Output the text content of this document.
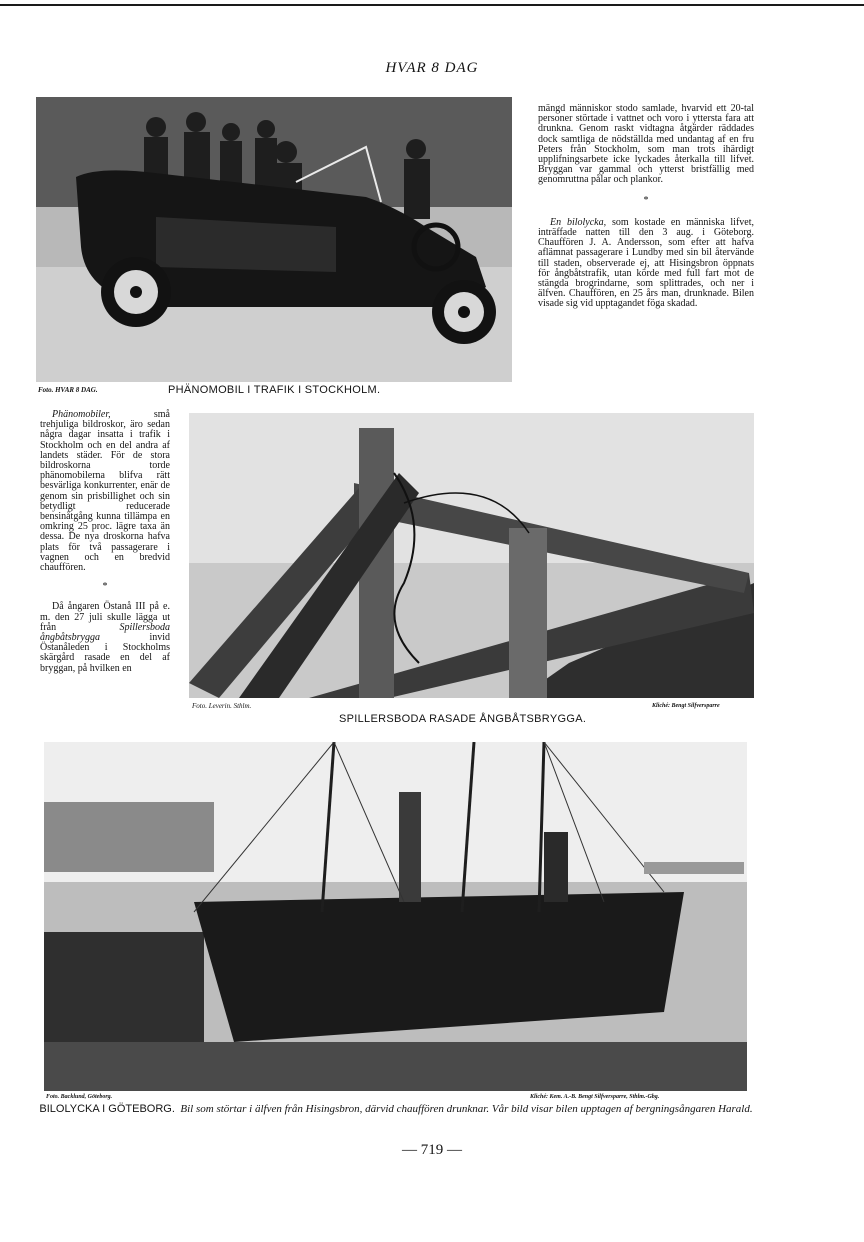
HVAR 8 DAG
Foto. HVAR 8 DAG.	PHÄNOMOBIL I TRAFIK I STOCKHOLM.

mängd människor stodo samlade, hvarvid ett 20-tal personer störtade i vattnet och voro i yttersta fara att drunkna. Genom raskt vidtagna åtgärder räddades dock samtliga de nödställda med undantag af en fru Peters från Stockholm, som man trots ihärdigt upplifningsarbete icke lyckades återkalla till lifvet. Bryggan var gammal och ytterst bristfällig med genomruttna pålar och plankor.

*

En bilolycka, som kostade en människa lifvet, inträffade natten till den 3 aug. i Göteborg. Chauffören J. A. Andersson, som efter att hafva aflämnat passagerare i Lundby med sin bil återvände till staden, observerade ej, att Hisingsbron öppnats för ångbåtstrafik, utan körde med full fart mot de stängda brogrindarne, som splittrades, och ner i älfven. Chauffören, en 25 års man, drunknade. Bilen visade sig vid upptagandet föga skadad.

Phänomobiler, små trehjuliga bildroskor, äro sedan några dagar insatta i trafik i Stockholm och en del andra af landets städer. För de stora bildroskorna torde phänomobilerna blifva rätt besvärliga konkurrenter, enär de genom sin prisbillighet och sin betydligt reducerade bensinåtgång kunna tillämpa en omkring 25 proc. lägre taxa än dessa. De nya droskorna hafva plats för två passagerare i vagnen och en bredvid chauffören.

*

Då ångaren Östanå III på e. m. den 27 juli skulle lägga ut från Spillersboda ångbåtsbrygga invid Östanåleden i Stockholms skärgård rasade en del af bryggan, på hvilken en

Foto. Leverin. Sthlm.	Kliché: Bengt Silfversparre
SPILLERSBODA RASADE ÅNGBÅTSBRYGGA.
Foto. Backlund, Göteborg.	Kliché: Kem. A.-B. Bengt Silfversparre, Sthlm.-Gbg.
BILOLYCKA I GÖTEBORG. Bil som störtar i älfven från Hisingsbron, därvid chauffören drunknar. Vår bild visar bilen upptagen af bergningsångaren Harald.
— 719 —
